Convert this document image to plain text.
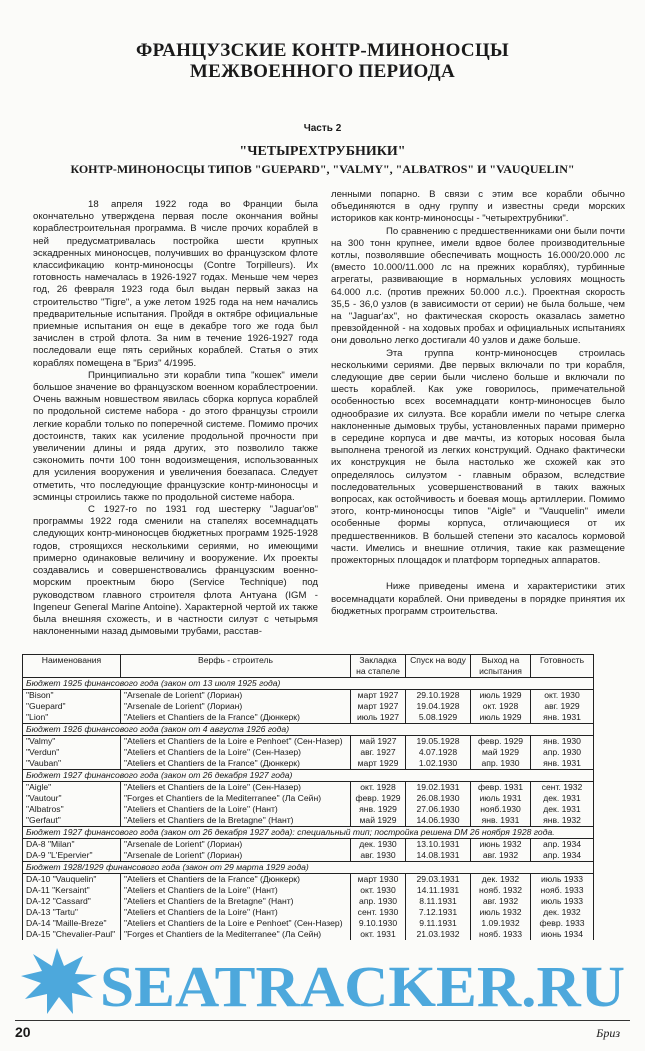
ФРАНЦУЗСКИЕ КОНТР-МИНОНОСЦЫ
МЕЖВОЕННОГО ПЕРИОДА
Часть 2
"ЧЕТЫРЕХТРУБНИКИ"
КОНТР-МИНОНОСЦЫ ТИПОВ "GUEPARD", "VALMY", "ALBATROS" И "VAUQUELIN"

18 апреля 1922 года во Франции была окончательно утверждена первая после окончания войны кораблестроительная программа. В числе прочих кораблей в ней предусматривалась постройка шести крупных эскадренных миноносцев, получивших во французском флоте классификацию контр-миноносцы (Contre Torpilleurs). Их готовность намечалась в 1926-1927 годах. Меньше чем через год, 26 февраля 1923 года был выдан первый заказ на строительство "Tigre", а уже летом 1925 года на нем начались предварительные испытания. Пройдя в октябре официальные приемные испытания он еще в декабре того же года был зачислен в строй флота. За ним в течение 1926-1927 года последовали еще пять серийных кораблей. Статья о этих кораблях помещена в "Бриз" 4/1995.

Принципиально эти корабли типа "кошек" имели большое значение во французском военном кораблестроении. Очень важным новшеством явилась сборка корпуса кораблей по продольной системе набора - до этого французы строили легкие корабли только по поперечной системе. Помимо прочих достоинств, таких как усиление продольной прочности при увеличении длины и ряда других, это позволило также сэкономить почти 100 тонн водоизмещения, использованных для усиления вооружения и увеличения боезапаса. Следует отметить, что последующие французские контр-миноносцы и эсминцы строились также по продольной системе набора.

С 1927-го по 1931 год шестерку "Jaguar'ов" программы 1922 года сменили на стапелях восемнадцать следующих контр-миноносцев бюджетных программ 1925-1928 годов, строящихся несколькими сериями, но имеющими примерно одинаковые величину и вооружение. Их проекты создавались и совершенствовались французским военно-морским проектным бюро (Service Technique) под руководством главного строителя флота Антуана (IGM - Ingeneur General Marine Antoine). Характерной чертой их также была внешняя схожесть, и в частности силуэт с четырьмя наклоненными назад дымовыми трубами, расстав-

ленными попарно. В связи с этим все корабли обычно объединяются в одну группу и известны среди морских историков как контр-миноносцы - "четырехтрубники".

По сравнению с предшественниками они были почти на 300 тонн крупнее, имели вдвое более производительные котлы, позволявшие обеспечивать мощность 16.000/20.000 лс (вместо 10.000/11.000 лс на прежних кораблях), турбинные агрегаты, развивающие в нормальных условиях мощность 64.000 л.с. (против прежних 50.000 л.с.). Проектная скорость 35,5 - 36,0 узлов (в зависимости от серии) не была больше, чем на "Jaguar'ах", но фактическая скорость оказалась заметно превзойденной - на ходовых пробах и официальных испытаниях они довольно легко достигали 40 узлов и даже больше.

Эта группа контр-миноносцев строилась несколькими сериями. Две первых включали по три корабля, следующие две серии были числено больше и включали по шесть кораблей. Как уже говорилось, примечательной особенностью всех восемнадцати контр-миноносцев было однообразие их силуэта. Все корабли имели по четыре слегка наклоненные дымовых трубы, установленных парами примерно в середине корпуса и две мачты, из которых носовая была выполнена треногой из легких конструкций. Однако фактически их конструкция не была настолько же схожей как это определялось силуэтом - главным образом, вследствие последовательных усовершенствований в таких важных вопросах, как остойчивость и боевая мощь артиллерии. Помимо этого, контр-миноносцы типов "Aigle" и "Vauquelin" имели особенные формы корпуса, отличающиеся от их предшественников. В большей степени это касалось кормовой части. Имелись и внешние отличия, такие как размещение прожекторных площадок и платформ торпедных аппаратов.

Ниже приведены имена и характеристики этих восемнадцати кораблей. Они приведены в порядке принятия их бюджетных программ строительства.

Наименования	Верфь - строитель	Закладка на стапеле	Спуск на воду	Выход на испытания	Готовность
Бюджет 1925 финансового года (закон от 13 июля 1925 года)					
"Bison"	"Arsenale de Lorient" (Лориан)	март 1927	29.10.1928	июль 1929	окт. 1930
"Guepard"	"Arsenale de Lorient" (Лориан)	март 1927	19.04.1928	окт. 1928	авг. 1929
"Lion"	"Ateliers et Chantiers de la France" (Дюнкерк)	июль 1927	5.08.1929	июль 1929	янв. 1931
Бюджет 1926 финансового года (закон от 4 августа 1926 года)					
"Valmy"	"Ateliers et Chantiers de la Loire e Penhoet" (Сен-Назер)	май 1927	19.05.1928	февр. 1929	янв. 1930
"Verdun"	"Ateliers et Chantiers de la Loire" (Сен-Назер)	авг. 1927	4.07.1928	май 1929	апр. 1930
"Vauban"	"Ateliers et Chantiers de la France" (Дюнкерк)	март 1929	1.02.1930	апр. 1930	янв. 1931
Бюджет 1927 финансового года (закон от 26 декабря 1927 года)					
"Aigle"	"Ateliers et Chantiers de la Loire" (Сен-Назер)	окт. 1928	19.02.1931	февр. 1931	сент. 1932
"Vautour"	"Forges et Chantiers de la Mediterranee" (Ла Сейн)	февр. 1929	26.08.1930	июль 1931	дек. 1931
"Albatros"	"Ateliers et Chantiers de la Loire" (Нант)	янв. 1929	27.06.1930	нояб.1930	дек. 1931
"Gerfaut"	"Ateliers et Chantiers de la Bretagne" (Нант)	май 1929	14.06.1930	янв. 1931	янв. 1932
Бюджет 1927 финансового года (закон от 26 декабря 1927 года): специальный тип; постройка решена DM 26 ноября 1928 года.					
DA-8 "Milan"	"Arsenale de Lorient" (Лориан)	дек. 1930	13.10.1931	июнь 1932	апр. 1934
DA-9 "L'Epervier"	"Arsenale de Lorient" (Лориан)	авг. 1930	14.08.1931	авг. 1932	апр. 1934
Бюджет 1928/1929 финансового года (закон от 29 марта 1929 года)					
DA-10 "Vauquelin"	"Ateliers et Chantiers de la France" (Дюнкерк)	март 1930	29.03.1931	дек. 1932	июль 1933
DA-11 "Kersaint"	"Ateliers et Chantiers de la Loire" (Нант)	окт. 1930	14.11.1931	нояб. 1932	нояб. 1933
DA-12 "Cassard"	"Ateliers et Chantiers de la Bretagne" (Нант)	апр. 1930	8.11.1931	авг. 1932	июль 1933
DA-13 "Tartu"	"Ateliers et Chantiers de la Loire" (Нант)	сент. 1930	7.12.1931	июль 1932	дек. 1932
DA-14 "Maille-Breze"	"Ateliers et Chantiers de la Loire e Penhoet" (Сен-Назер)	9.10.1930	9.11.1931	1.09.1932	февр. 1933
DA-15 "Chevalier-Paul"	"Forges et Chantiers de la Mediterranee" (Ла Сейн)	окт. 1931	21.03.1932	нояб. 1933	июнь 1934
SEATRACKER.RU
20	Бриз
